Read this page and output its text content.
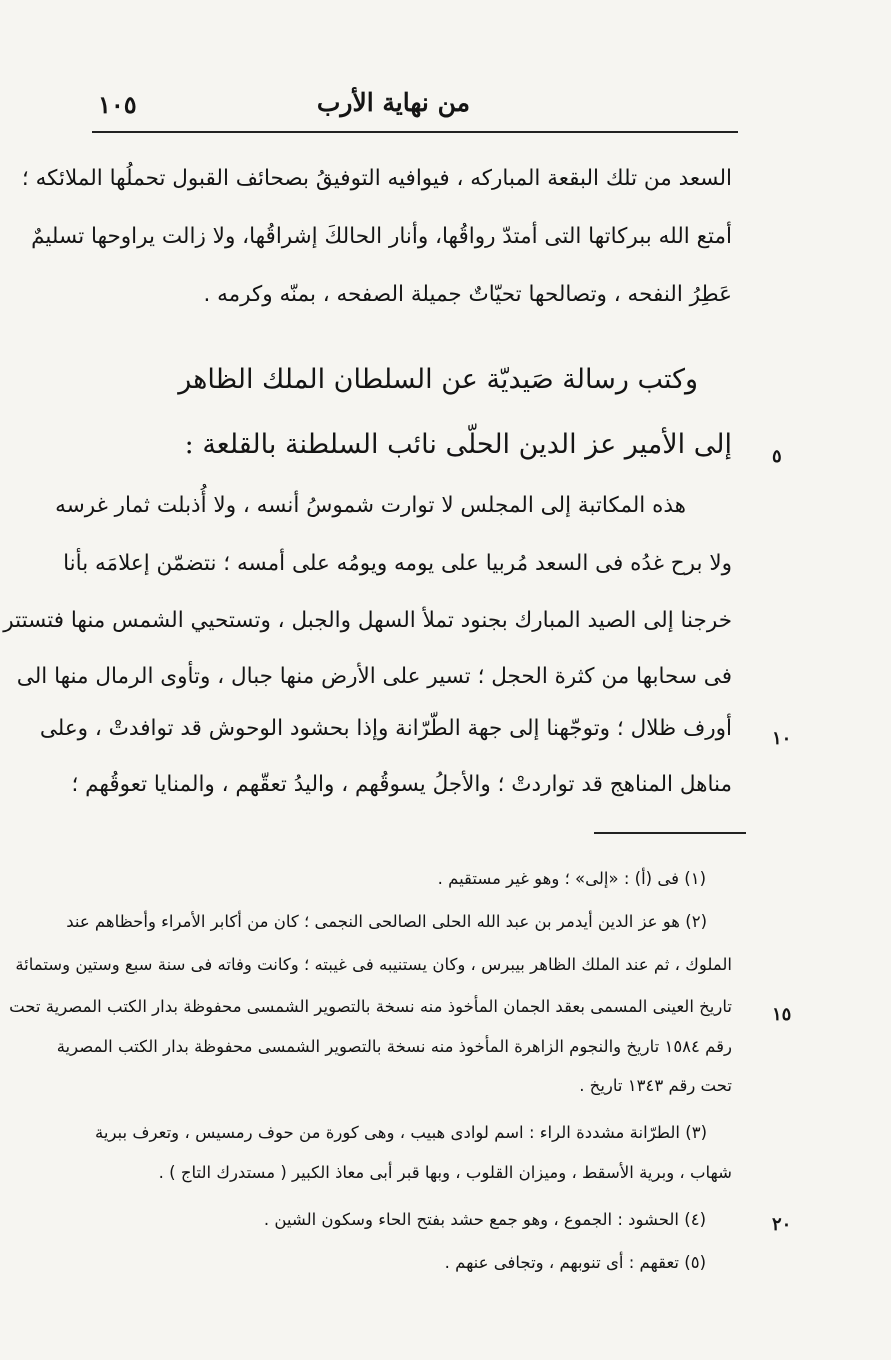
من نهاية الأرب
١٠٥
السعد من تلك البقعة المباركه ، فيوافيه التوفيقُ بصحائف القبول تحملُها الملائكه ؛
أمتع الله ببركاتها التى أمتدّ رواقُها، وأنار الحالكَ إشراقُها، ولا زالت يراوحها تسليمٌ
عَطِرُ النفحه ، وتصالحها تحيّاتٌ جميلة الصفحه ، بمنّه وكرمه .
وكتب رسالة صَيديّة عن السلطان الملك الظاهر
إلى الأمير عز الدين الحلّى نائب السلطنة بالقلعة :
هذه المكاتبة إلى المجلس لا توارت شموسُ أنسه ، ولا أُذبلت ثمار غرسه
ولا برح غدُه فى السعد مُربيا على يومه ويومُه على أمسه ؛ نتضمّن إعلامَه بأنا
خرجنا إلى الصيد المبارك بجنود تملأ السهل والجبل ، وتستحيي الشمس منها فتستتر
فى سحابها من كثرة الحجل ؛ تسير على الأرض منها جبال ، وتأوى الرمال منها الى
أورف ظلال ؛ وتوجّهنا إلى جهة الطّرّانة وإذا بحشود الوحوش قد توافدتْ ، وعلى
مناهل المناهج قد تواردتْ ؛ والأجلُ يسوقُهم ، واليدُ تعقّهم ، والمنايا تعوقُهم ؛
٥
١٠
١٥
٢٠
(١) فى (أ) : «إلى» ؛ وهو غير مستقيم .
(٢) هو عز الدين أيدمر بن عبد الله الحلى الصالحى النجمى ؛ كان من أكابر الأمراء وأحظاهم عند
الملوك ، ثم عند الملك الظاهر بيبرس ، وكان يستنيبه فى غيبته ؛ وكانت وفاته فى سنة سبع وستين وستمائة
تاريخ العينى المسمى بعقد الجمان المأخوذ منه نسخة بالتصوير الشمسى محفوظة بدار الكتب المصرية تحت
رقم ١٥٨٤ تاريخ والنجوم الزاهرة المأخوذ منه نسخة بالتصوير الشمسى محفوظة بدار الكتب المصرية
تحت رقم ١٣٤٣ تاريخ .
(٣) الطرّانة مشددة الراء : اسم لوادى هبيب ، وهى كورة من حوف رمسيس ، وتعرف ببرية
شهاب ، وبرية الأسقط ، وميزان القلوب ، وبها قبر أبى معاذ الكبير ( مستدرك التاج ) .
(٤) الحشود : الجموع ، وهو جمع حشد بفتح الحاء وسكون الشين .
(٥) تعقهم : أى تنوبهم ، وتجافى عنهم .
